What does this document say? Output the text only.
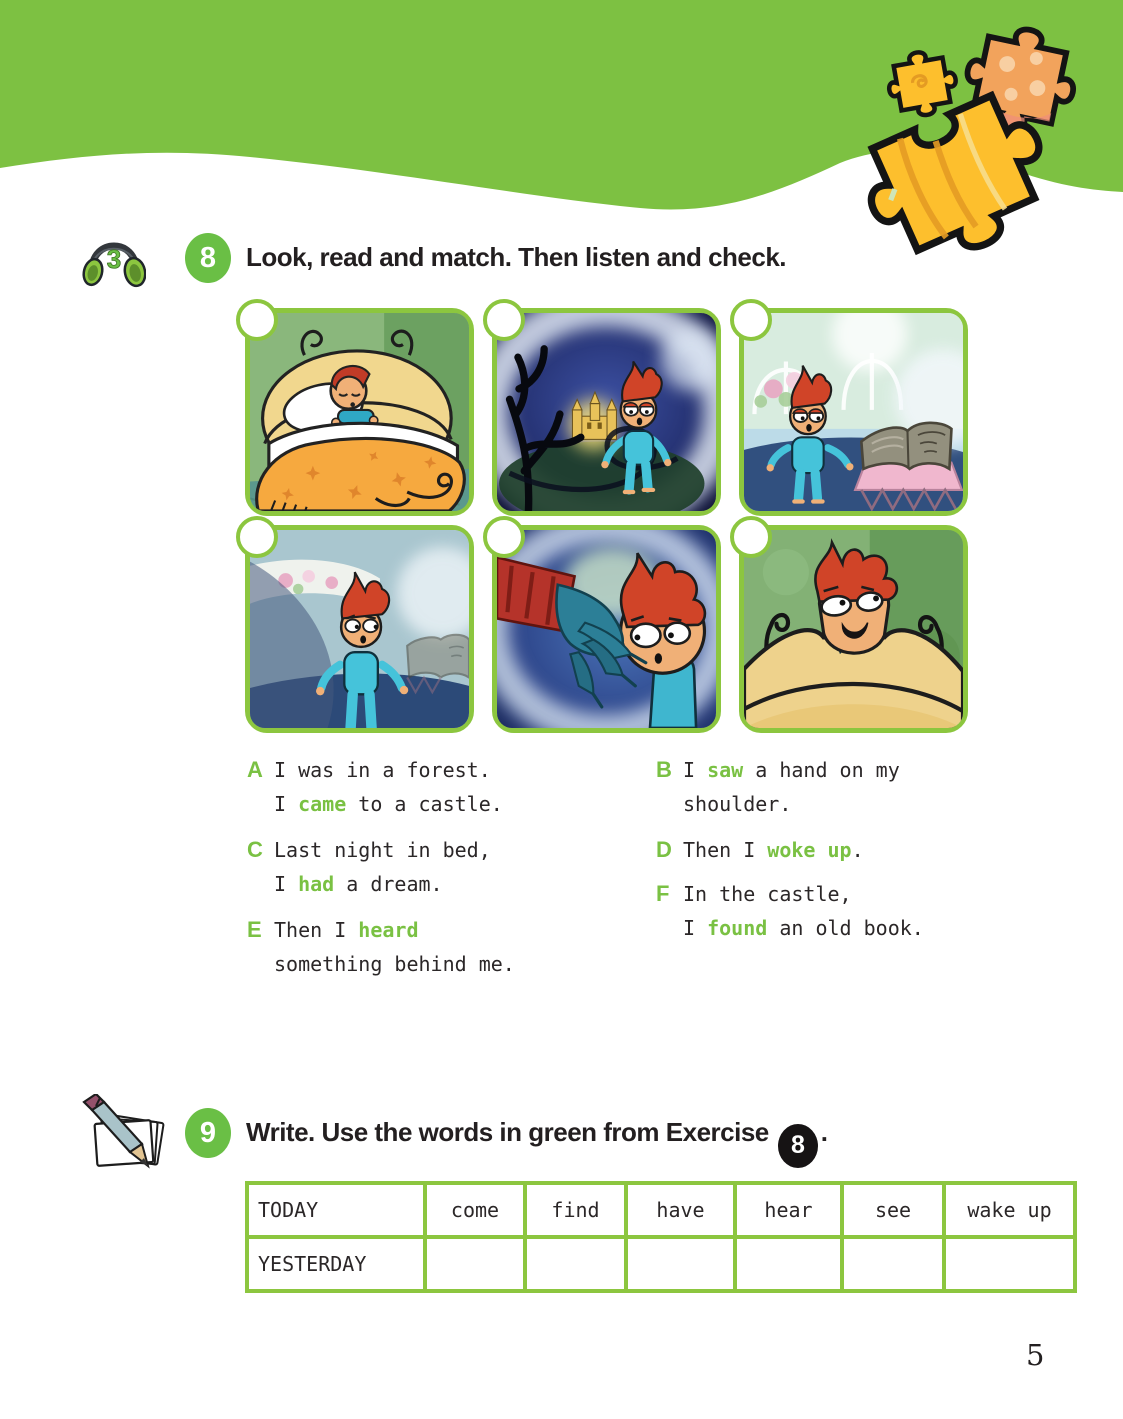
3	8 Look, read and match. Then listen and check.
A I was in a forest.
I came to a castle.
C Last night in bed,
I had a dream.
E Then I heard
something behind me.
B I saw a hand on my
shoulder.
D Then I woke up.
F In the castle,
I found an old book.
9 Write. Use the words in green from Exercise 8 .
TODAY	come	find	have	hear	see	wake up
YESTERDAY						
5
